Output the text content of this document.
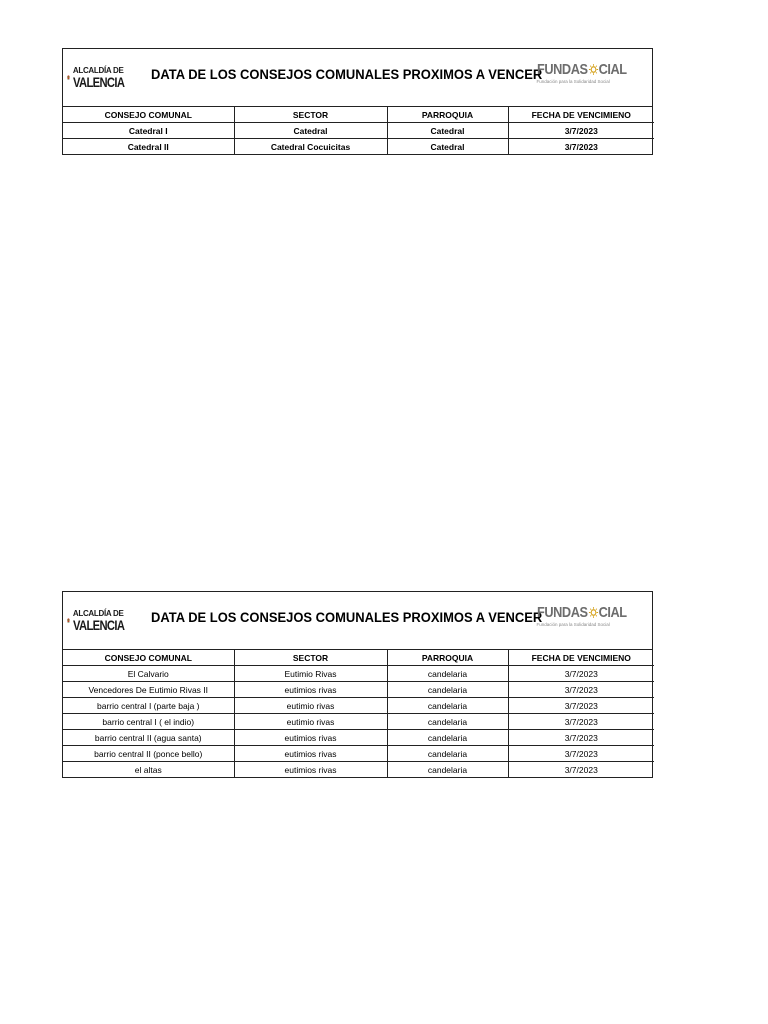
ALCALDÍA DE
VALENCIA DATA DE LOS CONSEJOS COMUNALES PROXIMOS A VENCER
FUNDAS CIAL
Fundación para la Solidaridad Social
CONSEJO COMUNAL	SECTOR	PARROQUIA	FECHA DE VENCIMIENO
Catedral I	Catedral	Catedral	3/7/2023
Catedral II	Catedral Cocuicitas	Catedral	3/7/2023
ALCALDÍA DE
VALENCIA DATA DE LOS CONSEJOS COMUNALES PROXIMOS A VENCER
FUNDAS CIAL
Fundación para la Solidaridad Social
CONSEJO COMUNAL	SECTOR	PARROQUIA	FECHA DE VENCIMIENO
El Calvario	Eutimio Rivas	candelaria	3/7/2023
Vencedores De Eutimio Rivas II	eutimios rivas	candelaria	3/7/2023
barrio central I (parte baja )	eutimio rivas	candelaria	3/7/2023
barrio central I ( el indio)	eutimio rivas	candelaria	3/7/2023
barrio central II (agua santa)	eutimios rivas	candelaria	3/7/2023
barrio central II (ponce bello)	eutimios rivas	candelaria	3/7/2023
el altas	eutimios rivas	candelaria	3/7/2023
